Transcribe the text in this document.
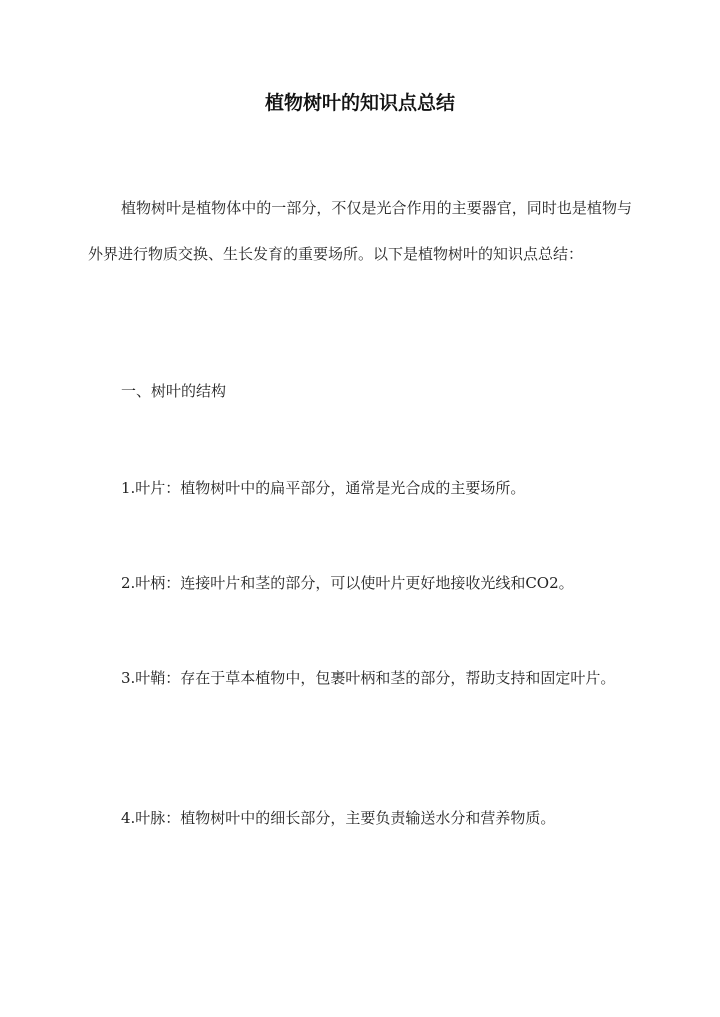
植物树叶的知识点总结

植物树叶是植物体中的一部分，不仅是光合作用的主要器官，同时也是植物与外界进行物质交换、生长发育的重要场所。以下是植物树叶的知识点总结：

一、树叶的结构

1.叶片：植物树叶中的扁平部分，通常是光合成的主要场所。

2.叶柄：连接叶片和茎的部分，可以使叶片更好地接收光线和CO2。

3.叶鞘：存在于草本植物中，包裹叶柄和茎的部分，帮助支持和固定叶片。

4.叶脉：植物树叶中的细长部分，主要负责输送水分和营养物质。
